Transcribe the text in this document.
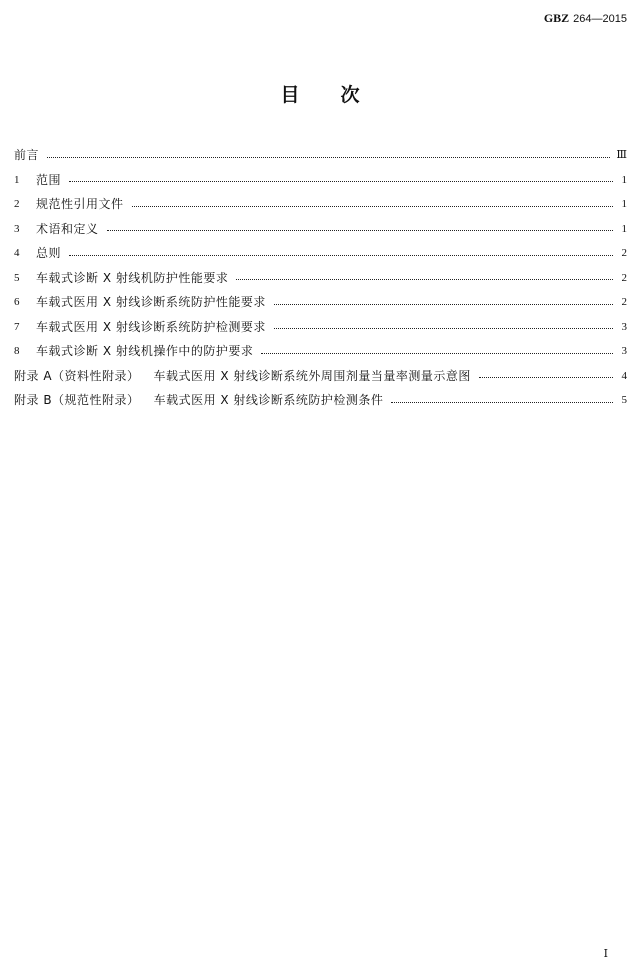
GBZ 264—2015
目 次
前言	Ⅲ
1	范围	1
2	规范性引用文件	1
3	术语和定义	1
4	总则	2
5	车载式诊断 X 射线机防护性能要求	2
6	车载式医用 X 射线诊断系统防护性能要求	2
7	车载式医用 X 射线诊断系统防护检测要求	3
8	车载式诊断 X 射线机操作中的防护要求	3
附录 A（资料性附录） 车载式医用 X 射线诊断系统外周围剂量当量率测量示意图	4
附录 B（规范性附录） 车载式医用 X 射线诊断系统防护检测条件	5
Ⅰ
